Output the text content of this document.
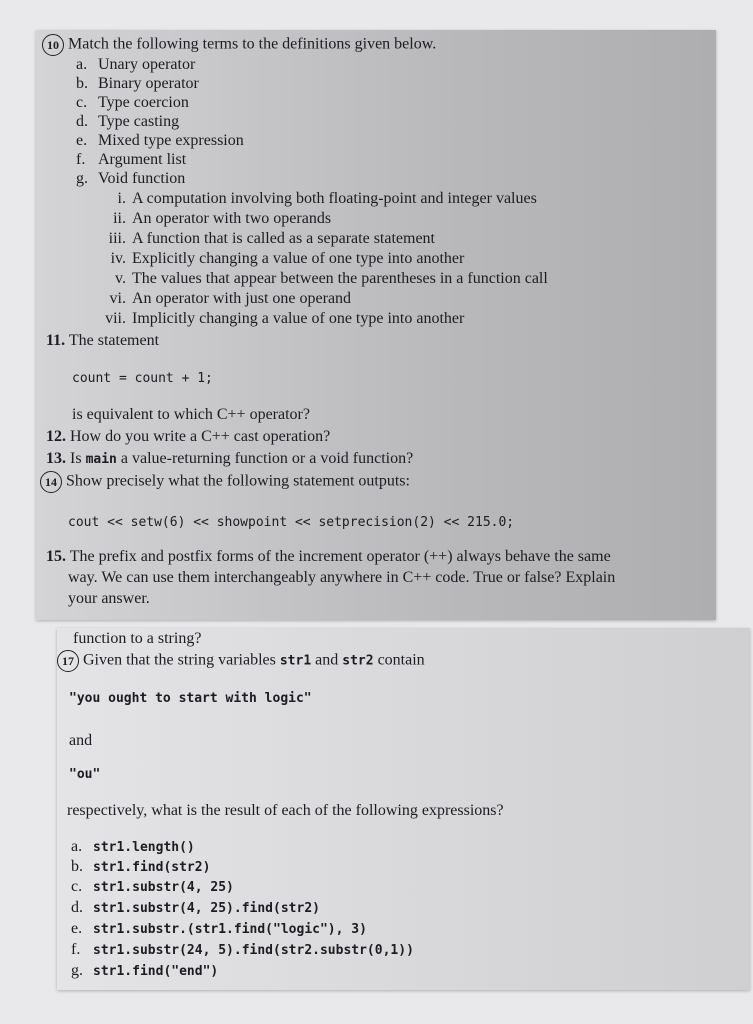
10 Match the following terms to the definitions given below.
a. Unary operator
b. Binary operator
c. Type coercion
d. Type casting
e. Mixed type expression
f. Argument list
g. Void function
i. A computation involving both floating-point and integer values
ii. An operator with two operands
iii. A function that is called as a separate statement
iv. Explicitly changing a value of one type into another
v. The values that appear between the parentheses in a function call
vi. An operator with just one operand
vii. Implicitly changing a value of one type into another
11. The statement
count = count + 1;
is equivalent to which C++ operator?
12. How do you write a C++ cast operation?
13. Is main a value-returning function or a void function?
14 Show precisely what the following statement outputs:
cout << setw(6) << showpoint << setprecision(2) << 215.0;
15. The prefix and postfix forms of the increment operator (++) always behave the same
way. We can use them interchangeably anywhere in C++ code. True or false? Explain
your answer.
function to a string?
17 Given that the string variables str1 and str2 contain
"you ought to start with logic"
and
"ou"
respectively, what is the result of each of the following expressions?
a. str1.length()
b. str1.find(str2)
c. str1.substr(4, 25)
d. str1.substr(4, 25).find(str2)
e. str1.substr.(str1.find("logic"), 3)
f. str1.substr(24, 5).find(str2.substr(0,1))
g. str1.find("end")
